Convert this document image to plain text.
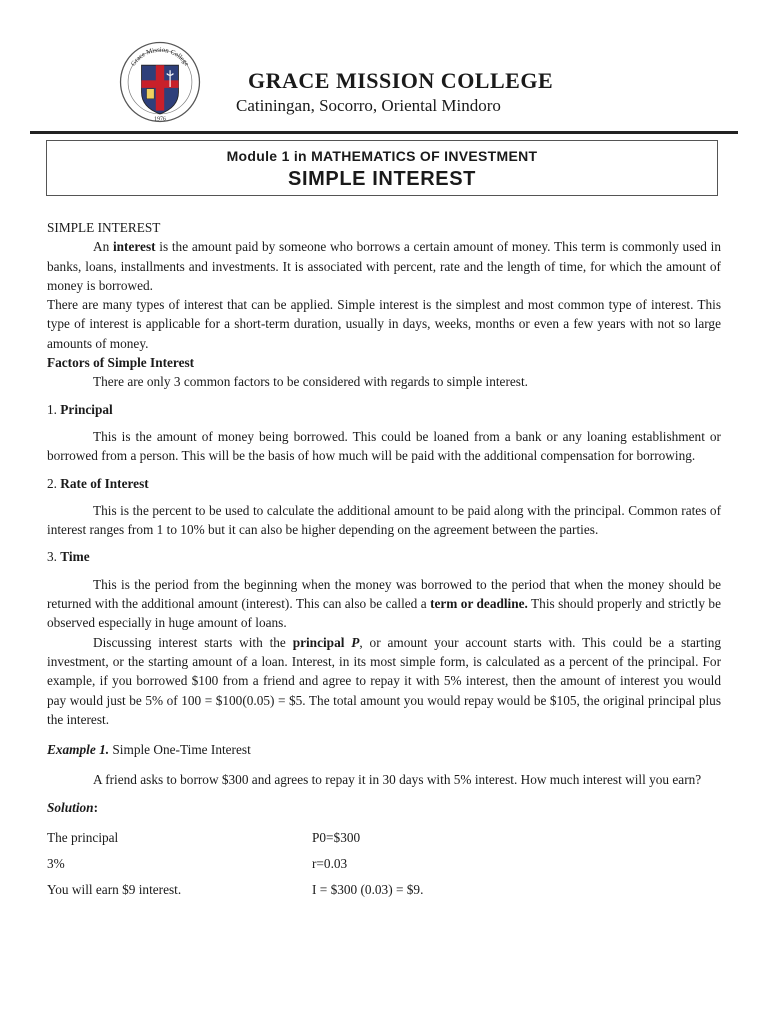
Grace Mission College
1976
GRACE MISSION COLLEGE
Catiningan, Socorro, Oriental Mindoro
Module 1 in MATHEMATICS OF INVESTMENT
SIMPLE INTEREST

SIMPLE INTEREST

An interest is the amount paid by someone who borrows a certain amount of money. This term is commonly used in banks, loans, installments and investments. It is associated with percent, rate and the length of time, for which the amount of money is borrowed.

There are many types of interest that can be applied. Simple interest is the simplest and most common type of interest. This type of interest is applicable for a short-term duration, usually in days, weeks, months or even a few years with not so large amounts of money.

Factors of Simple Interest

There are only 3 common factors to be considered with regards to simple interest.

1. Principal

This is the amount of money being borrowed. This could be loaned from a bank or any loaning establishment or borrowed from a person. This will be the basis of how much will be paid with the additional compensation for borrowing.

2. Rate of Interest

This is the percent to be used to calculate the additional amount to be paid along with the principal. Common rates of interest ranges from 1 to 10% but it can also be higher depending on the agreement between the parties.

3. Time

This is the period from the beginning when the money was borrowed to the period that when the money should be returned with the additional amount (interest). This can also be called a term or deadline. This should properly and strictly be observed especially in huge amount of loans.

Discussing interest starts with the principal P, or amount your account starts with. This could be a starting investment, or the starting amount of a loan. Interest, in its most simple form, is calculated as a percent of the principal. For example, if you borrowed $100 from a friend and agree to repay it with 5% interest, then the amount of interest you would pay would just be 5% of 100 = $100(0.05) = $5. The total amount you would repay would be $105, the original principal plus the interest.

Example 1. Simple One-Time Interest

A friend asks to borrow $300 and agrees to repay it in 30 days with 5% interest. How much interest will you earn?

Solution:

The principal	P0=$300
3%	r=0.03
You will earn $9 interest.	I = $300 (0.03) = $9.
